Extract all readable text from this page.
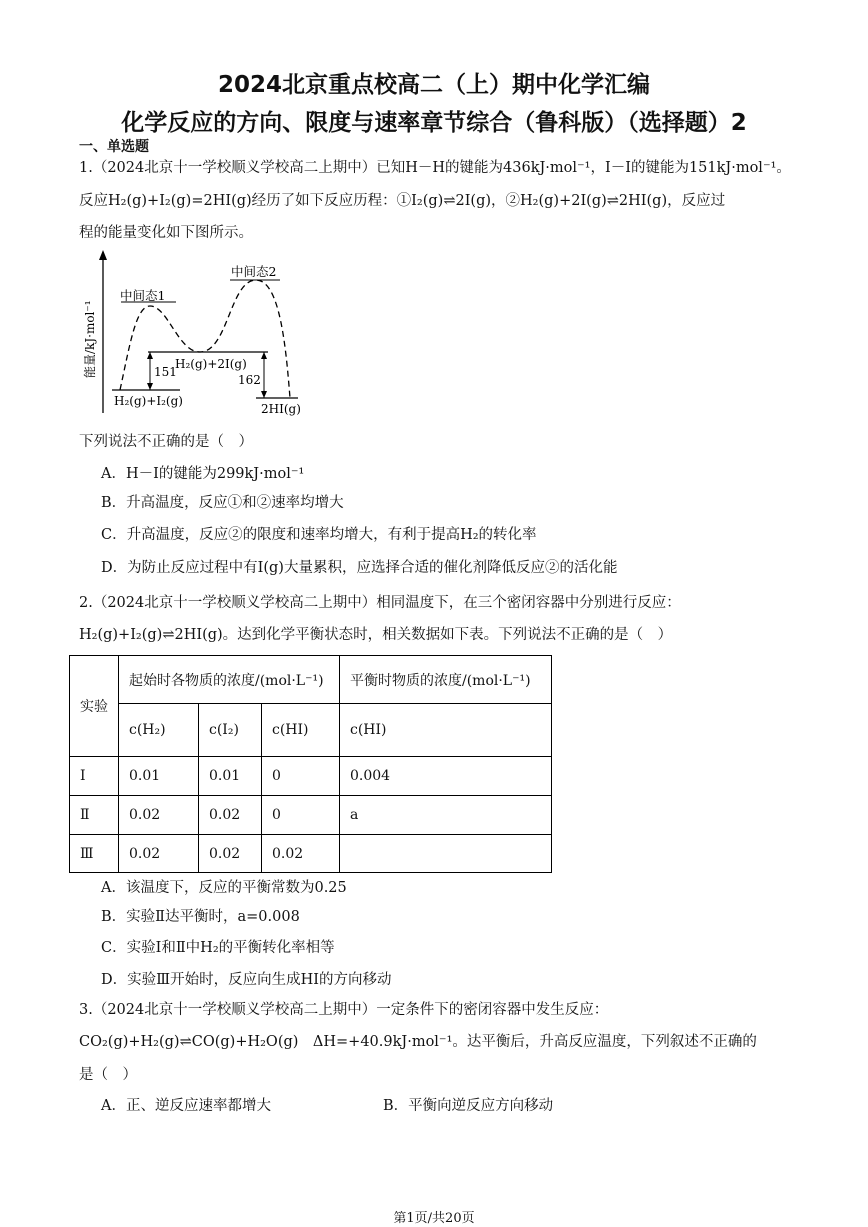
2024北京重点校高二（上）期中化学汇编
化学反应的方向、限度与速率章节综合（鲁科版）（选择题）2
一、单选题
1.（2024北京十一学校顺义学校高二上期中）已知H－H的键能为436kJ·mol⁻¹，I－I的键能为151kJ·mol⁻¹。
反应H₂(g)+I₂(g)=2HI(g)经历了如下反应历程：①I₂(g)⇌2I(g)，②H₂(g)+2I(g)⇌2HI(g)，反应过
程的能量变化如下图所示。
能量/kJ·mol⁻¹
中间态1
中间态2
H₂(g)+2I(g)
H₂(g)+I₂(g)
2HI(g)
151
162
下列说法不正确的是（　）
A．H－I的键能为299kJ·mol⁻¹
B．升高温度，反应①和②速率均增大
C．升高温度，反应②的限度和速率均增大，有利于提高H₂的转化率
D．为防止反应过程中有I(g)大量累积，应选择合适的催化剂降低反应②的活化能
2.（2024北京十一学校顺义学校高二上期中）相同温度下，在三个密闭容器中分别进行反应：
H₂(g)+I₂(g)⇌2HI(g)。达到化学平衡状态时，相关数据如下表。下列说法不正确的是（　）
实验	起始时各物质的浓度/(mol·L⁻¹)			平衡时物质的浓度/(mol·L⁻¹)
	c(H₂)	c(I₂)	c(HI)	c(HI)
Ⅰ	0.01	0.01	0	0.004
Ⅱ	0.02	0.02	0	a
Ⅲ	0.02	0.02	0.02	
A．该温度下，反应的平衡常数为0.25
B．实验Ⅱ达平衡时，a=0.008
C．实验Ⅰ和Ⅱ中H₂的平衡转化率相等
D．实验Ⅲ开始时，反应向生成HI的方向移动
3.（2024北京十一学校顺义学校高二上期中）一定条件下的密闭容器中发生反应：
CO₂(g)+H₂(g)⇌CO(g)+H₂O(g)　ΔH=+40.9kJ·mol⁻¹。达平衡后，升高反应温度，下列叙述不正确的
是（　）
A．正、逆反应速率都增大	B．平衡向逆反应方向移动
第1页/共20页
